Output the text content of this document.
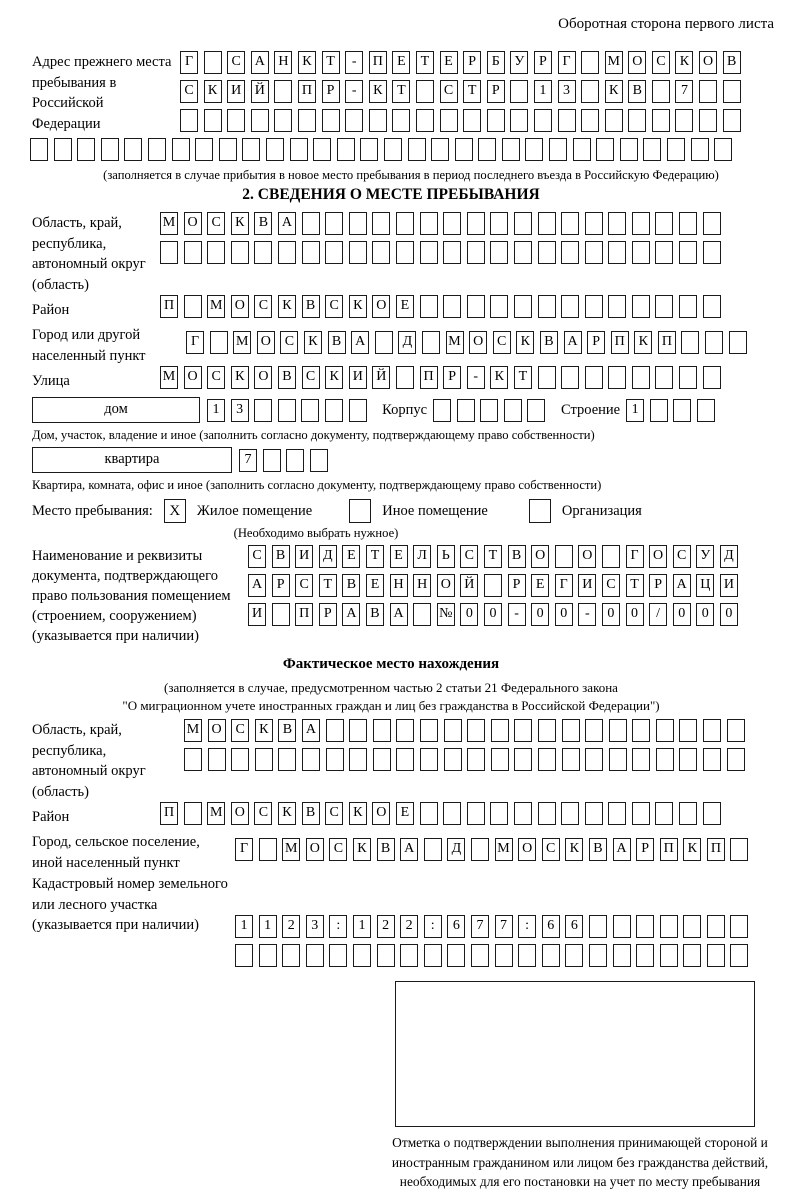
Оборотная сторона первого листа
Адрес прежнего места пребывания в Российской Федерации
Г	С А Н К Т - П Е Т Е Р Б У Р Г	М О С К О В
С К И Й	П Р - К Т	С Т Р	1 3	К В	7
(заполняется в случае прибытия в новое место пребывания в период последнего въезда в Российскую Федерацию)
2. СВЕДЕНИЯ О МЕСТЕ ПРЕБЫВАНИЯ
Область, край, республика, автономный округ (область)
М О С К В А
Район	П	М О С К В С К О Е
Город или другой населенный пункт
Г	М О С К В А	Д	М О С К В А Р П К П
Улица	М О С К О В С К И Й	П Р - К Т
дом	1 3	Корпус	Строение 1
Дом, участок, владение и иное (заполнить согласно документу, подтверждающему право собственности)
квартира	7
Квартира, комната, офис и иное (заполнить согласно документу, подтверждающему право собственности)
Место пребывания:	X	Жилое помещение	Иное помещение	Организация
(Необходимо выбрать нужное)
Наименование и реквизиты документа, подтверждающего право пользования помещением (строением, сооружением) (указывается при наличии)
С В И Д Е Т Е Л Ь С Т В О	О	Г О С У Д
А Р С Т В Е Н Н О Й	Р Е Г И С Т Р А Ц И
И	П Р А В А	№ 0 0 - 0 0 - 0 0 / 0 0 0
Фактическое место нахождения
(заполняется в случае, предусмотренном частью 2 статьи 21 Федерального закона
"О миграционном учете иностранных граждан и лиц без гражданства в Российской Федерации")
Область, край, республика, автономный округ (область)
М О С К В А
Район	П	М О С К В С К О Е
Город, сельское поселение, иной населенный пункт
Г	М О С К В А	Д	М О С К В А Р П К П
Кадастровый номер земельного или лесного участка (указывается при наличии)	1 1 2 3 : 1 2 2 : 6 7 7 : 6 6
Отметка о подтверждении выполнения принимающей стороной и иностранным гражданином или лицом без гражданства действий, необходимых для его постановки на учет по месту пребывания
